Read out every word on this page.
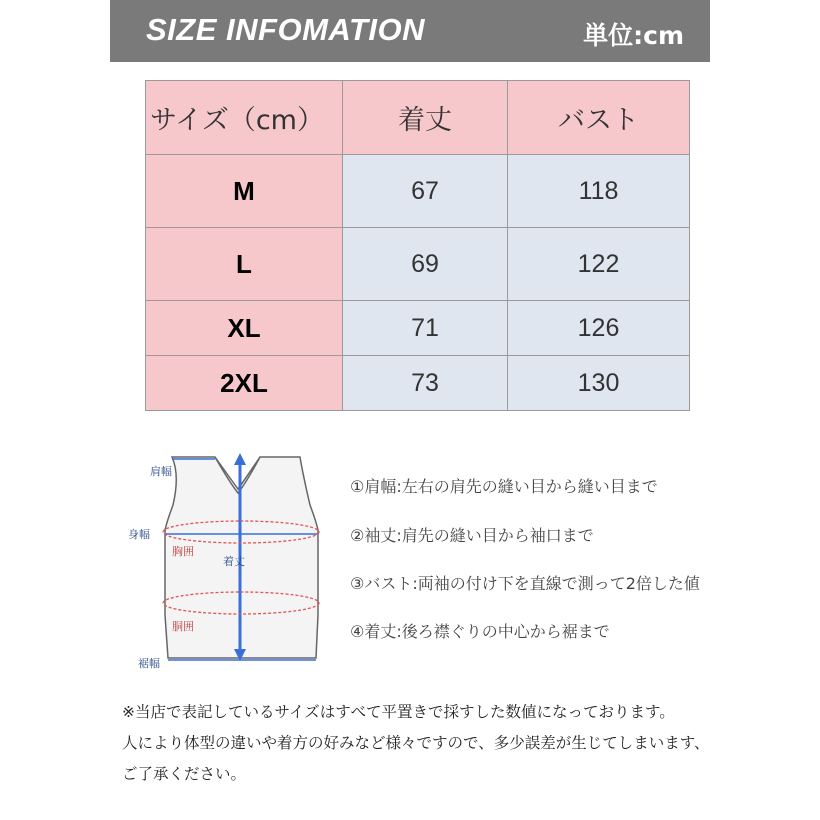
SIZE INFOMATION	単位:cm
サイズ（cm）	着丈	バスト
M	67	118
L	69	122
XL	71	126
2XL	73	130
肩幅
身幅
胸囲
着丈
胴囲
裾幅
①肩幅:左右の肩先の縫い目から縫い目まで
②袖丈:肩先の縫い目から袖口まで
③バスト:両袖の付け下を直線で測って2倍した値
④着丈:後ろ襟ぐりの中心から裾まで
※当店で表記しているサイズはすべて平置きで採すした数値になっております。
人により体型の違いや着方の好みなど様々ですので、多少誤差が生じてしまいます、
ご了承ください。
